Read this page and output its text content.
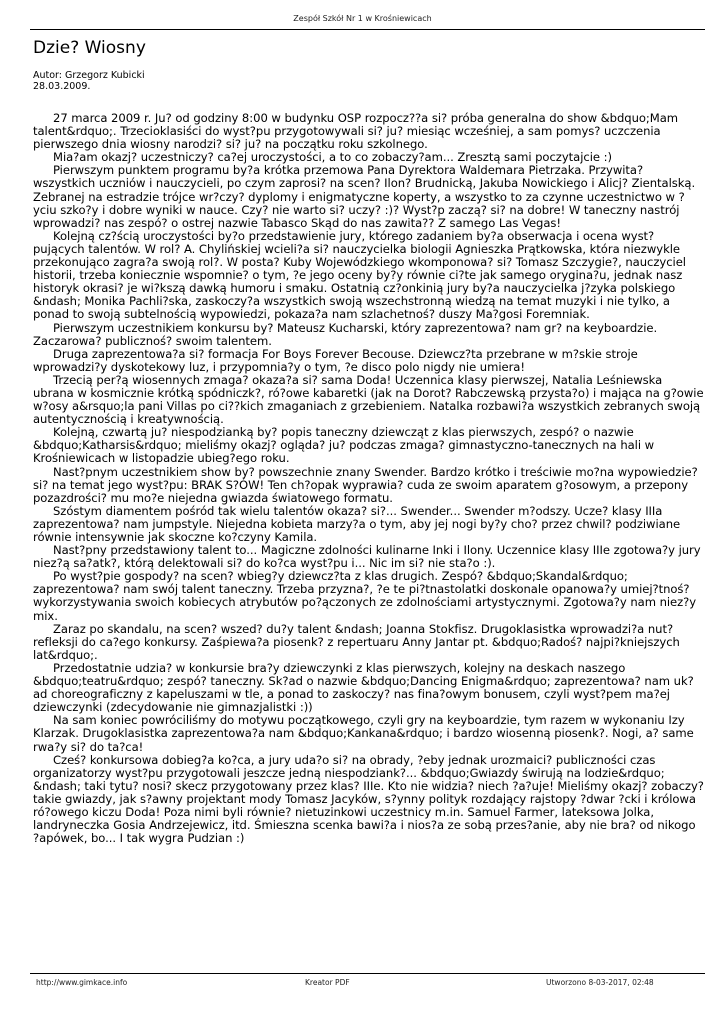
Zespół Szkół Nr 1 w Krośniewicach
Dzie? Wiosny
Autor: Grzegorz Kubicki
28.03.2009.

27 marca 2009 r. Ju? od godziny 8:00 w budynku OSP rozpocz??a si? próba generalna do show &bdquo;Mam talent&rdquo;. Trzecioklasiści do wyst?pu przygotowywali si? ju? miesiąc wcześniej, a sam pomys? uczczenia pierwszego dnia wiosny narodzi? si? ju? na początku roku szkolnego.

Mia?am okazj? uczestniczy? ca?ej uroczystości, a to co zobaczy?am... Zresztą sami poczytajcie :)

Pierwszym punktem programu by?a krótka przemowa Pana Dyrektora Waldemara Pietrzaka. Przywita? wszystkich uczniów i nauczycieli, po czym zaprosi? na scen? Ilon? Brudnicką, Jakuba Nowickiego i Alicj? Zientalską. Zebranej na estradzie trójce wr?czy? dyplomy i enigmatyczne koperty, a wszystko to za czynne uczestnictwo w ?yciu szko?y i dobre wyniki w nauce. Czy? nie warto si? uczy? :)? Wyst?p zaczą? si? na dobre! W taneczny nastrój wprowadzi? nas zespó? o ostrej nazwie Tabasco Skąd do nas zawita?? Z samego Las Vegas!

Kolejną cz?ścią uroczystości by?o przedstawienie jury, którego zadaniem by?a obserwacja i ocena wyst?pujących talentów. W rol? A. Chylińskiej wcieli?a si? nauczycielka biologii Agnieszka Prątkowska, która niezwykle przekonująco zagra?a swoją rol?. W posta? Kuby Wojewódzkiego wkomponowa? si? Tomasz Szczygie?, nauczyciel historii, trzeba koniecznie wspomnie? o tym, ?e jego oceny by?y równie ci?te jak samego orygina?u, jednak nasz historyk okrasi? je wi?kszą dawką humoru i smaku. Ostatnią cz?onkinią jury by?a nauczycielka j?zyka polskiego &ndash; Monika Pachli?ska, zaskoczy?a wszystkich swoją wszechstronną wiedzą na temat muzyki i nie tylko, a ponad to swoją subtelnością wypowiedzi, pokaza?a nam szlachetnoś? duszy Ma?gosi Foremniak.

Pierwszym uczestnikiem konkursu by? Mateusz Kucharski, który zaprezentowa? nam gr? na keyboardzie. Zaczarowa? publicznoś? swoim talentem.

Druga zaprezentowa?a si? formacja For Boys Forever Becouse. Dziewcz?ta przebrane w m?skie stroje wprowadzi?y dyskotekowy luz, i przypomnia?y o tym, ?e disco polo nigdy nie umiera!

Trzecią per?ą wiosennych zmaga? okaza?a si? sama Doda! Uczennica klasy pierwszej, Natalia Leśniewska ubrana w kosmicznie krótką spódniczk?, ró?owe kabaretki (jak na Dorot? Rabczewską przysta?o) i mająca na g?owie w?osy a&rsquo;la pani Villas po ci??kich zmaganiach z grzebieniem. Natalka rozbawi?a wszystkich zebranych swoją autentycznością i kreatywnością.

Kolejną, czwartą ju? niespodzianką by? popis taneczny dziewcząt z klas pierwszych, zespó? o nazwie &bdquo;Katharsis&rdquo; mieliśmy okazj? ogląda? ju? podczas zmaga? gimnastyczno-tanecznych na hali w Krośniewicach w listopadzie ubieg?ego roku.

Nast?pnym uczestnikiem show by? powszechnie znany Swender. Bardzo krótko i treściwie mo?na wypowiedzie? si? na temat jego wyst?pu: BRAK S?ÓW! Ten ch?opak wyprawia? cuda ze swoim aparatem g?osowym, a przepony pozazdrości? mu mo?e niejedna gwiazda światowego formatu.

Szóstym diamentem pośród tak wielu talentów okaza? si?... Swender... Swender m?odszy. Ucze? klasy IIIa zaprezentowa? nam jumpstyle. Niejedna kobieta marzy?a o tym, aby jej nogi by?y cho? przez chwil? podziwiane równie intensywnie jak skoczne ko?czyny Kamila.

Nast?pny przedstawiony talent to... Magiczne zdolności kulinarne Inki i Ilony. Uczennice klasy IIIe zgotowa?y jury niez?ą sa?atk?, którą delektowali si? do ko?ca wyst?pu i... Nic im si? nie sta?o :).

Po wyst?pie gospody? na scen? wbieg?y dziewcz?ta z klas drugich. Zespó? &bdquo;Skandal&rdquo; zaprezentowa? nam swój talent taneczny. Trzeba przyzna?, ?e te pi?tnastolatki doskonale opanowa?y umiej?tnoś? wykorzystywania swoich kobiecych atrybutów po?ączonych ze zdolnościami artystycznymi. Zgotowa?y nam niez?y mix.

Zaraz po skandalu, na scen? wszed? du?y talent &ndash; Joanna Stokfisz. Drugoklasistka wprowadzi?a nut? refleksji do ca?ego konkursy. Zaśpiewa?a piosenk? z repertuaru Anny Jantar pt. &bdquo;Radoś? najpi?kniejszych lat&rdquo;.

Przedostatnie udzia? w konkursie bra?y dziewczynki z klas pierwszych, kolejny na deskach naszego &bdquo;teatru&rdquo; zespó? taneczny. Sk?ad o nazwie &bdquo;Dancing Enigma&rdquo; zaprezentowa? nam uk?ad choreograficzny z kapeluszami w tle, a ponad to zaskoczy? nas fina?owym bonusem, czyli wyst?pem ma?ej dziewczynki (zdecydowanie nie gimnazjalistki :))

Na sam koniec powróciliśmy do motywu początkowego, czyli gry na keyboardzie, tym razem w wykonaniu Izy Klarzak. Drugoklasistka zaprezentowa?a nam &bdquo;Kankana&rdquo; i bardzo wiosenną piosenk?. Nogi, a? same rwa?y si? do ta?ca!

Cześ? konkursowa dobieg?a ko?ca, a jury uda?o si? na obrady, ?eby jednak urozmaici? publiczności czas organizatorzy wyst?pu przygotowali jeszcze jedną niespodziank?... &bdquo;Gwiazdy świrują na lodzie&rdquo; &ndash; taki tytu? nosi? skecz przygotowany przez klas? IIIe. Kto nie widzia? niech ?a?uje! Mieliśmy okazj? zobaczy? takie gwiazdy, jak s?awny projektant mody Tomasz Jacyków, s?ynny polityk rozdający rajstopy ?dwar ?cki i królowa ró?owego kiczu Doda! Poza nimi byli równie? nietuzinkowi uczestnicy m.in. Samuel Farmer, lateksowa Jolka, landryneczka Gosia Andrzejewicz, itd. Śmieszna scenka bawi?a i nios?a ze sobą przes?anie, aby nie bra? od nikogo ?apówek, bo... I tak wygra Pudzian :)

http://www.gimkace.info	Kreator PDF	Utworzono 8-03-2017, 02:48
